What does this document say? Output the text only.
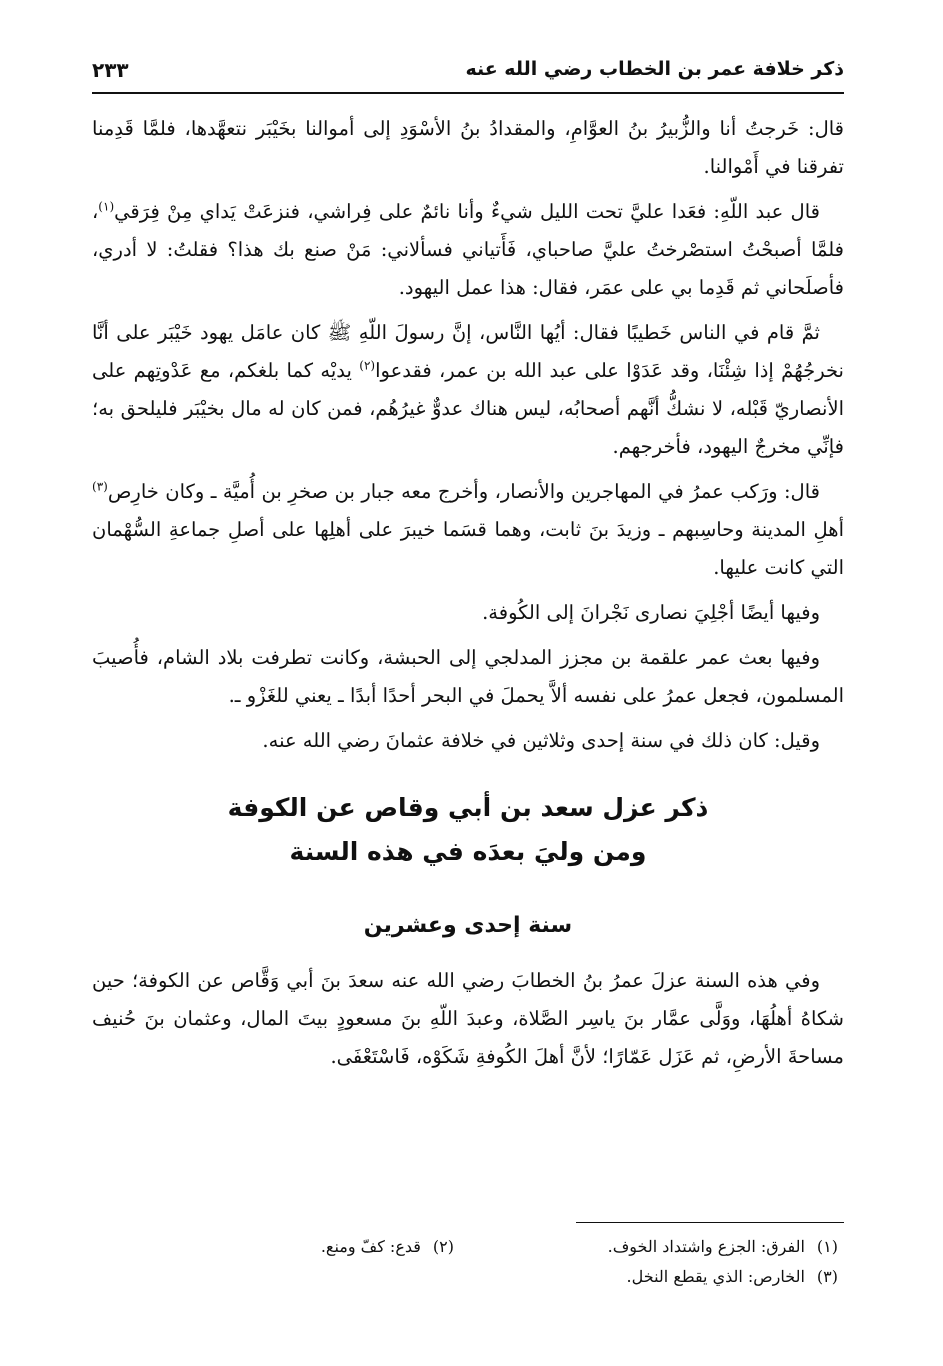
ذكر خلافة عمر بن الخطاب رضي الله عنه
٢٣٣

قال: خَرجتُ أنا والزُّبيرُ بنُ العوَّامِ، والمقدادُ بنُ الأسْوَدِ إلى أموالنا بخَيْبَر نتعهَّدها، فلمَّا قَدِمنا تفرقنا في أَمْوالنا.

قال عبد اللّهِ: فعَدا عليَّ تحت الليل شيءٌ وأنا نائمٌ على فِراشي، فنزعَتْ يَداي مِنْ فِرَقي$^{(١)}$، فلمَّا أصبحْتُ استصْرختُ عليَّ صاحباي، فَأَتياني فسألاني: مَنْ صنع بك هذا؟ فقلتُ: لا أدري، فأصلَحاني ثم قَدِما بي على عمَر، فقال: هذا عمل اليهود.

ثمَّ قام في الناس خَطيبًا فقال: أيُها النَّاس، إنَّ رسولَ اللّهِ ﷺ كان عامَل يهود خَيْبَر على أنَّا نخرجُهُمْ إذا شِئْنَا، وقد عَدَوْا على عبد الله بن عمر، فقدعوا$^{(٢)}$ يديْه كما بلغكم، مع عَدْوتِهم على الأنصاريّ قَبْله، لا نشكُّ أنَّهم أصحابُه، ليس هناك عدوٌّ غيرُهُم، فمن كان له مال بخيْبَر فليلحق به؛ فإنِّي مخرجٌ اليهود، فأخرجهم.

قال: ورَكب عمرُ في المهاجرين والأنصار، وأخرج معه جبار بن صخرِ بن أُميَّة ـ وكان خارِص$^{(٣)}$ أهلِ المدينة وحاسِبهم ـ وزيدَ بنَ ثابت، وهما قسَما خيبرَ على أهلِها على أصلِ جماعةِ السُّهْمان التي كانت عليها.

وفيها أيضًا أجْلِيَ نصارى نَجْرانَ إلى الكُوفة.

وفيها بعث عمر علقمة بن مجزز المدلجي إلى الحبشة، وكانت تطرفت بلاد الشام، فأُصيبَ المسلمون، فجعل عمرُ على نفسه ألاَّ يحملَ في البحر أحدًا أبدًا ـ يعني للغَزْو ـ.

وقيل: كان ذلك في سنة إحدى وثلاثين في خلافة عثمانَ رضي الله عنه.

ذكر عزل سعد بن أبي وقاص عن الكوفة
ومن وليَ بعدَه في هذه السنة
سنة إحدى وعشرين

وفي هذه السنة عزلَ عمرُ بنُ الخطابَ رضي الله عنه سعدَ بنَ أبي وَقَّاص عن الكوفة؛ حين شكاهُ أهلُهَا، ووَلَّى عمَّار بنَ ياسِر الصَّلاة، وعبدَ اللّهِ بنَ مسعودٍ بيتَ المال، وعثمان بنَ حُنيف مساحةَ الأرضِ، ثم عَزَل عَمّارًا؛ لأنَّ أهلَ الكُوفةِ شَكَوْه، فَاسْتَعْفَى.

(١)الفرق: الجزع واشتداد الخوف.
(٢)قدع: كفّ ومنع.
(٣)الخارص: الذي يقطع النخل.
